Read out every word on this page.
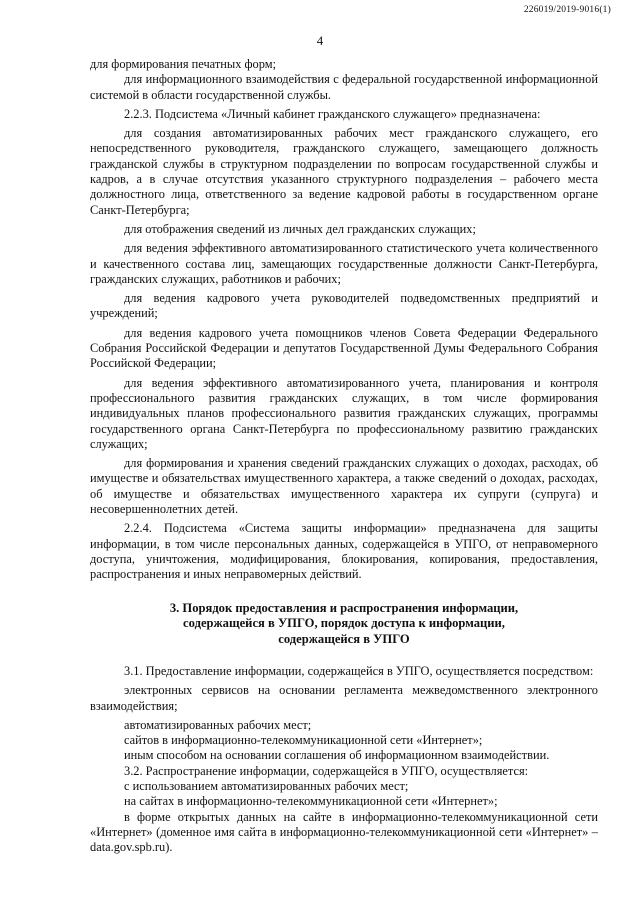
226019/2019-9016(1)
4

для формирования печатных форм;

для информационного взаимодействия с федеральной государственной информационной системой в области государственной службы.

2.2.3. Подсистема «Личный кабинет гражданского служащего» предназначена:

для создания автоматизированных рабочих мест гражданского служащего, его непосредственного руководителя, гражданского служащего, замещающего должность гражданской службы в структурном подразделении по вопросам государственной службы и кадров, а в случае отсутствия указанного структурного подразделения – рабочего места должностного лица, ответственного за ведение кадровой работы в государственном органе Санкт-Петербурга;

для отображения сведений из личных дел гражданских служащих;

для ведения эффективного автоматизированного статистического учета количественного и качественного состава лиц, замещающих государственные должности Санкт-Петербурга, гражданских служащих, работников и рабочих;

для ведения кадрового учета руководителей подведомственных предприятий и учреждений;

для ведения кадрового учета помощников членов Совета Федерации Федерального Собрания Российской Федерации и депутатов Государственной Думы Федерального Собрания Российской Федерации;

для ведения эффективного автоматизированного учета, планирования и контроля профессионального развития гражданских служащих, в том числе формирования индивидуальных планов профессионального развития гражданских служащих, программы государственного органа Санкт-Петербурга по профессиональному развитию гражданских служащих;

для формирования и хранения сведений гражданских служащих о доходах, расходах, об имуществе и обязательствах имущественного характера, а также сведений о доходах, расходах, об имуществе и обязательствах имущественного характера их супруги (супруга) и несовершеннолетних детей.

2.2.4. Подсистема «Система защиты информации» предназначена для защиты информации, в том числе персональных данных, содержащейся в УПГО, от неправомерного доступа, уничтожения, модифицирования, блокирования, копирования, предоставления, распространения и иных неправомерных действий.

3. Порядок предоставления и распространения информации,
содержащейся в УПГО, порядок доступа к информации,
содержащейся в УПГО

3.1. Предоставление информации, содержащейся в УПГО, осуществляется посредством:

электронных сервисов на основании регламента межведомственного электронного взаимодействия;

автоматизированных рабочих мест;

сайтов в информационно-телекоммуникационной сети «Интернет»;

иным способом на основании соглашения об информационном взаимодействии.

3.2. Распространение информации, содержащейся в УПГО, осуществляется:

с использованием автоматизированных рабочих мест;

на сайтах в информационно-телекоммуникационной сети «Интернет»;

в форме открытых данных на сайте в информационно-телекоммуникационной сети «Интернет» (доменное имя сайта в информационно-телекоммуникационной сети «Интернет» – data.gov.spb.ru).
